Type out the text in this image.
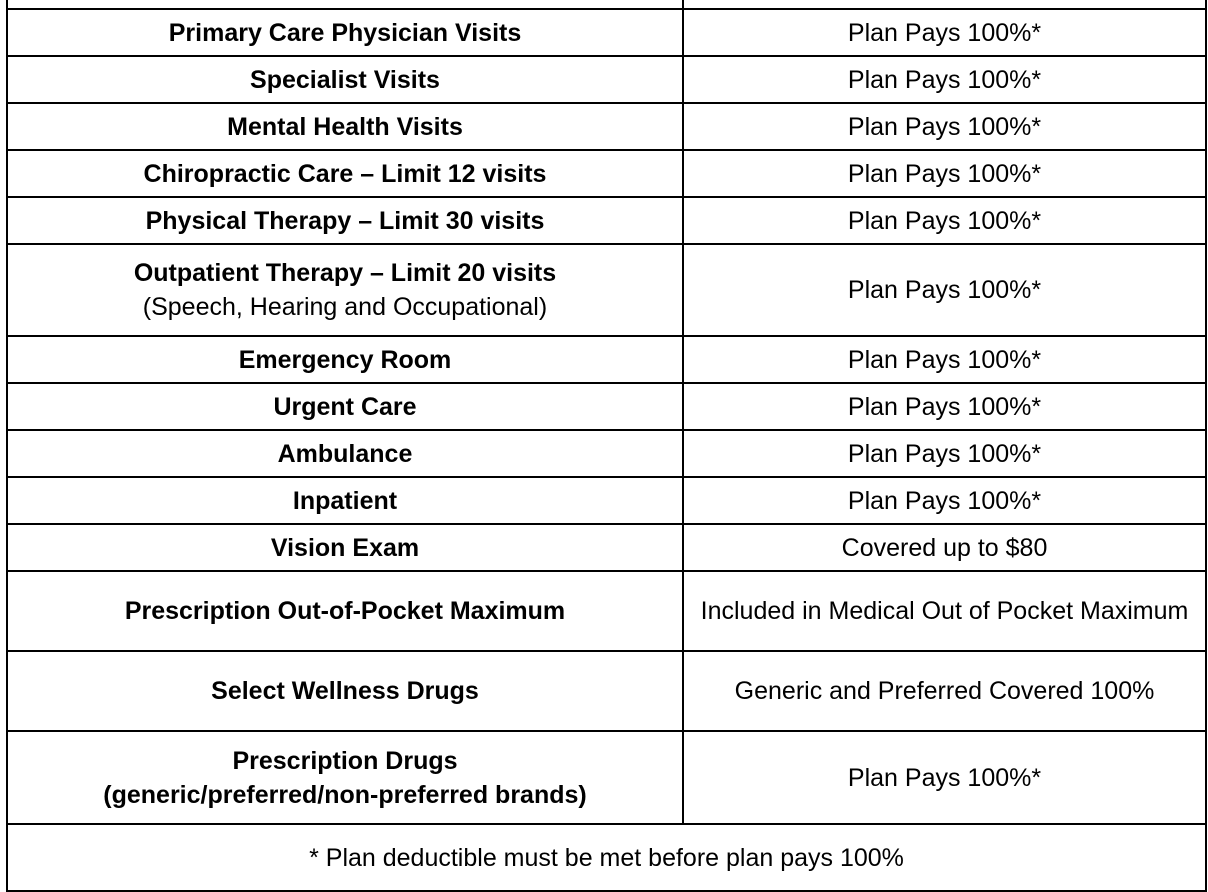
Primary Care Physician Visits	Plan Pays 100%*

Specialist Visits	Plan Pays 100%*

Mental Health Visits	Plan Pays 100%*

Chiropractic Care – Limit 12 visits	Plan Pays 100%*

Physical Therapy – Limit 30 visits	Plan Pays 100%*

Outpatient Therapy – Limit 20 visits
(Speech, Hearing and Occupational)	Plan Pays 100%*

Emergency Room	Plan Pays 100%*

Urgent Care	Plan Pays 100%*

Ambulance	Plan Pays 100%*

Inpatient	Plan Pays 100%*

Vision Exam	Covered up to $80

Prescription Out-of-Pocket Maximum	Included in Medical Out of Pocket Maximum

Select Wellness Drugs	Generic and Preferred Covered 100%

Prescription Drugs
(generic/preferred/non-preferred brands)	Plan Pays 100%*

* Plan deductible must be met before plan pays 100%	
